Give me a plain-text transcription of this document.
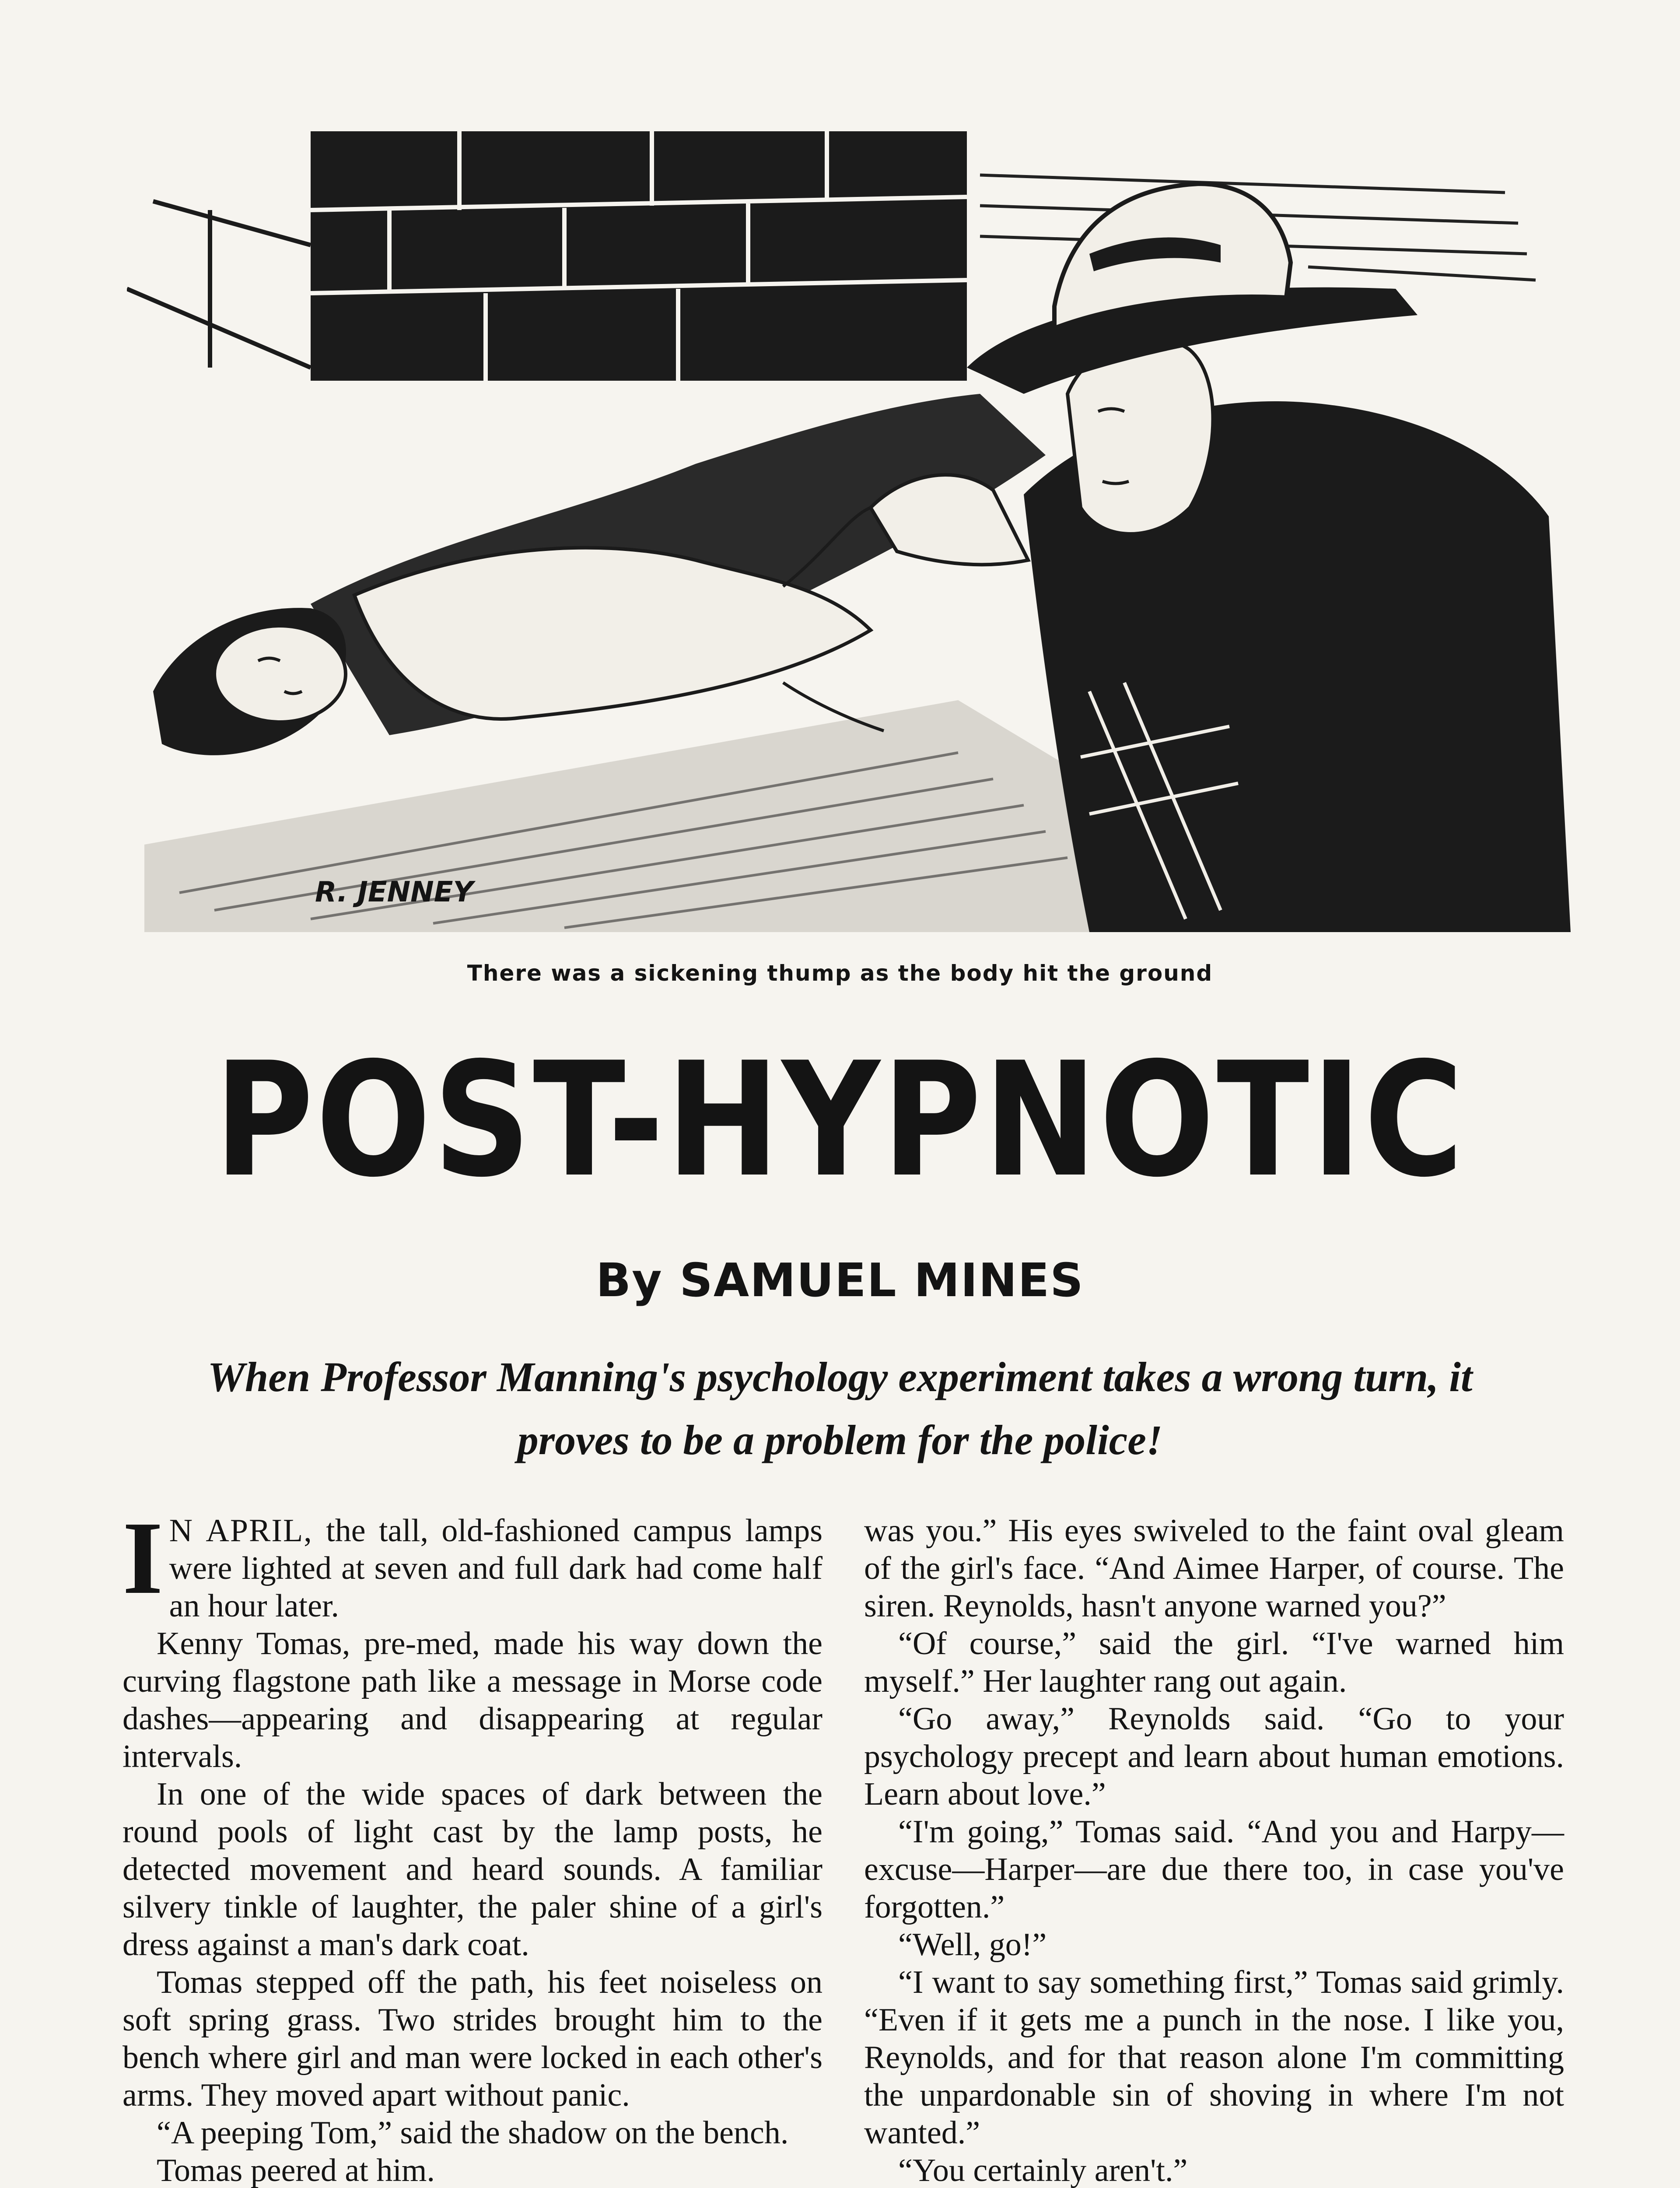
R. JENNEY
There was a sickening thump as the body hit the ground
POST-HYPNOTIC
By SAMUEL MINES
When Professor Manning's psychology experiment takes a wrong turn, it proves to be a problem for the police!

I N APRIL, the tall, old-fashioned campus lamps were lighted at seven and full dark had come half an hour later.

Kenny Tomas, pre-med, made his way down the curving flagstone path like a message in Morse code dashes—appearing and disappearing at regular intervals.

In one of the wide spaces of dark between the round pools of light cast by the lamp posts, he detected movement and heard sounds. A familiar silvery tinkle of laughter, the paler shine of a girl's dress against a man's dark coat.

Tomas stepped off the path, his feet noiseless on soft spring grass. Two strides brought him to the bench where girl and man were locked in each other's arms. They moved apart without panic.

“A peeping Tom,” said the shadow on the bench.

Tomas peered at him.

was you.” His eyes swiveled to the faint oval gleam of the girl's face. “And Aimee Harper, of course. The siren. Reynolds, hasn't anyone warned you?”

“Of course,” said the girl. “I've warned him myself.” Her laughter rang out again.

“Go away,” Reynolds said. “Go to your psychology precept and learn about human emotions. Learn about love.”

“I'm going,” Tomas said. “And you and Harpy—excuse—Harper—are due there too, in case you've forgotten.”

“Well, go!”

“I want to say something first,” Tomas said grimly. “Even if it gets me a punch in the nose. I like you, Reynolds, and for that reason alone I'm committing the unpardonable sin of shoving in where I'm not wanted.”

“You certainly aren't.”
